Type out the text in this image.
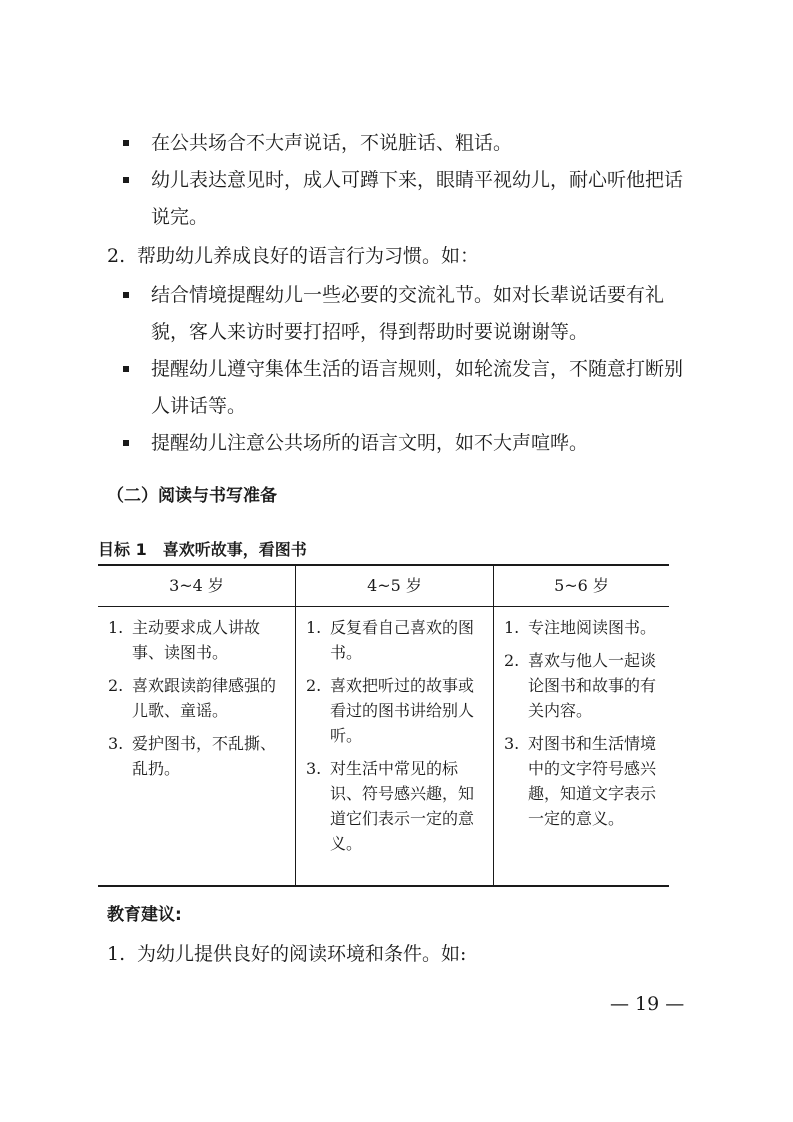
在公共场合不大声说话，不说脏话、粗话。
幼儿表达意见时，成人可蹲下来，眼睛平视幼儿，耐心听他把话说完。
2. 帮助幼儿养成良好的语言行为习惯。如：
结合情境提醒幼儿一些必要的交流礼节。如对长辈说话要有礼貌，客人来访时要打招呼，得到帮助时要说谢谢等。
提醒幼儿遵守集体生活的语言规则，如轮流发言，不随意打断别人讲话等。
提醒幼儿注意公共场所的语言文明，如不大声喧哗。
（二）阅读与书写准备
目标 1　喜欢听故事，看图书
3~4 岁
1. 主动要求成人讲故事、读图书。
2. 喜欢跟读韵律感强的儿歌、童谣。
3. 爱护图书，不乱撕、乱扔。
4~5 岁
1. 反复看自己喜欢的图书。
2. 喜欢把听过的故事或看过的图书讲给别人听。
3. 对生活中常见的标识、符号感兴趣，知道它们表示一定的意义。
5~6 岁
1. 专注地阅读图书。
2. 喜欢与他人一起谈论图书和故事的有关内容。
3. 对图书和生活情境中的文字符号感兴趣，知道文字表示一定的意义。
教育建议:
1. 为幼儿提供良好的阅读环境和条件。如:
— 19 —
